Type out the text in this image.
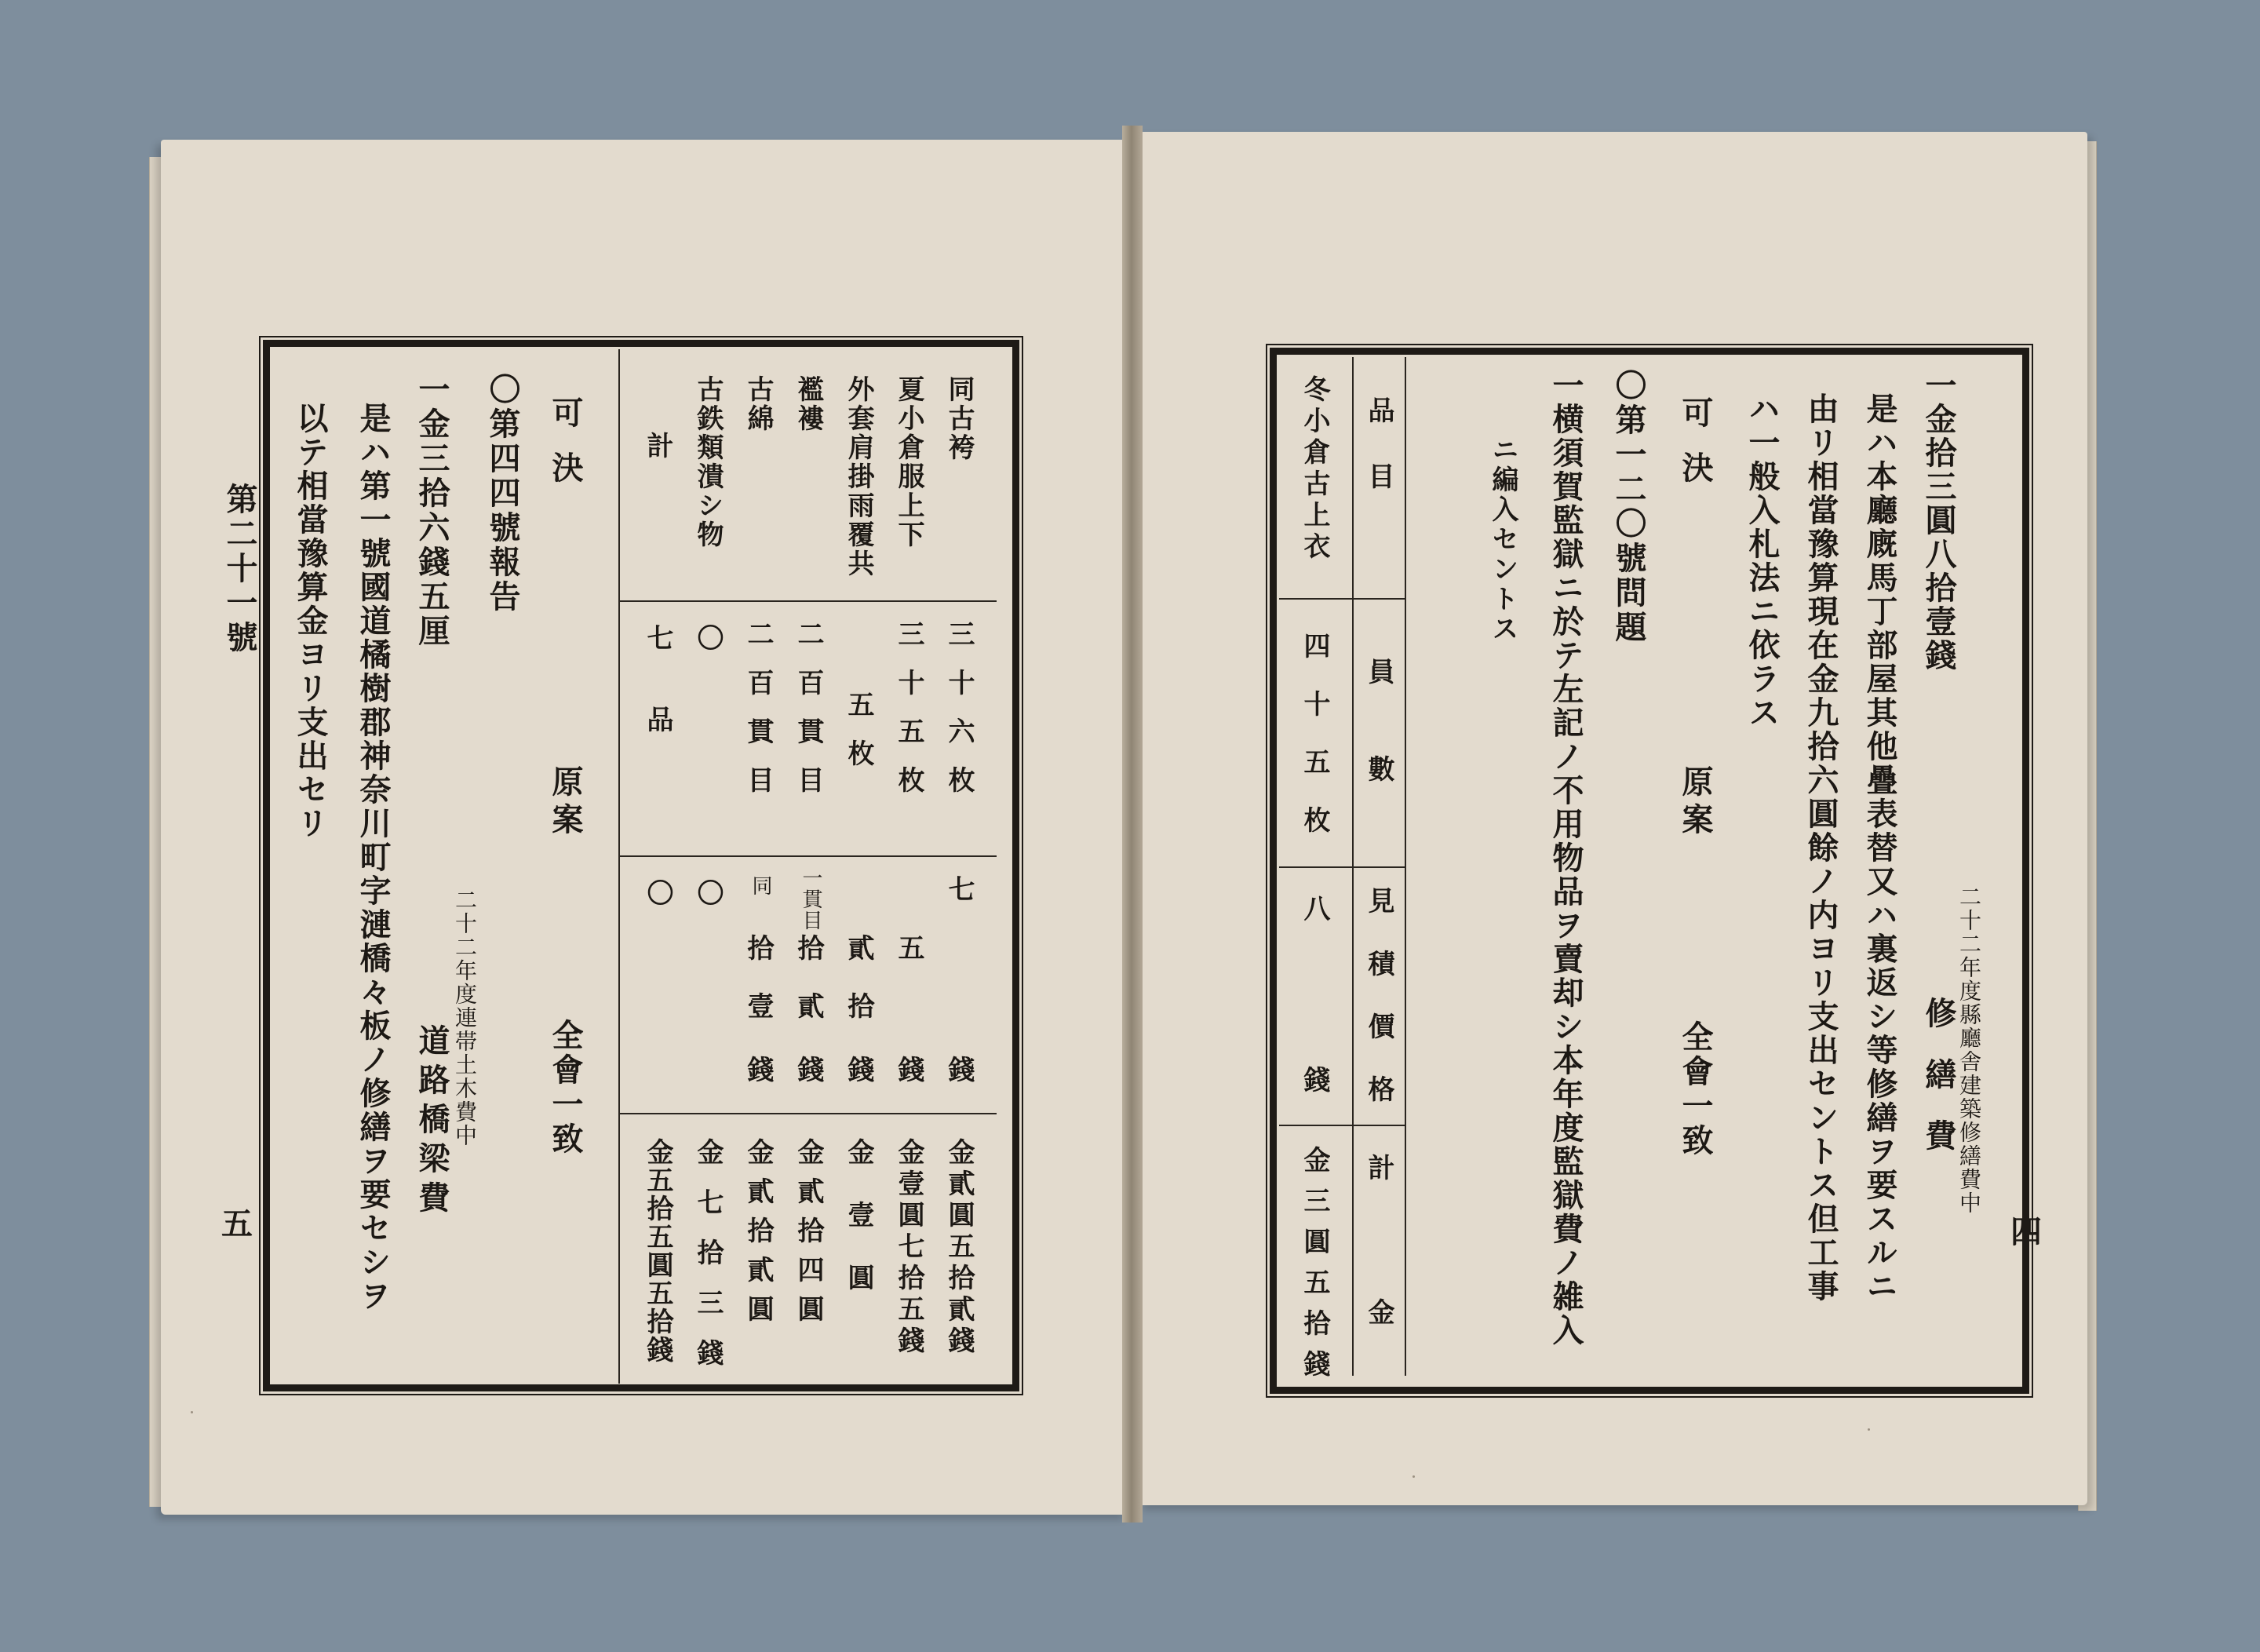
第二十一號
五
同古袴
夏小倉服上下
外套肩掛雨覆共
襤褸
古綿
古鉄類潰シ物
計
三十六枚
三十五枚
五枚
二百貫目
二百貫目
〇
七品
七
五
貳拾
一貫目
拾貳
同
拾壹
〇
〇
錢
錢
錢
錢
錢
金貳圓五拾貳錢
金壹圓七拾五錢
金壹圓
金貳拾四圓
金貳拾貳圓
金七拾三錢
金五拾五圓五拾錢
可決
原案
全會一致
〇第四四號報告
二十二年度連帯土木費中
一金三拾六錢五厘
道路橋梁費
是ハ第一號國道橘樹郡神奈川町字漣橋々板ノ修繕ヲ要セシヲ
以テ相當豫算金ヨリ支出セリ
四
二十二年度縣廳舎建築修繕費中
一金拾三圓八拾壹錢
修繕費
是ハ本廳廐馬丁部屋其他疊表替又ハ裏返シ等修繕ヲ要スルニ
由リ相當豫算現在金九拾六圓餘ノ内ヨリ支出セントス但工事
ハ一般入札法ニ依ラス
可決
原案
全會一致
〇第一二〇號問題
一横須賀監獄ニ於テ左記ノ不用物品ヲ賣却シ本年度監獄費ノ雑入
ニ編入セントス
品目
員數
見積價格
計金
冬小倉古上衣
四十五枚
八
錢
金三圓五拾錢
